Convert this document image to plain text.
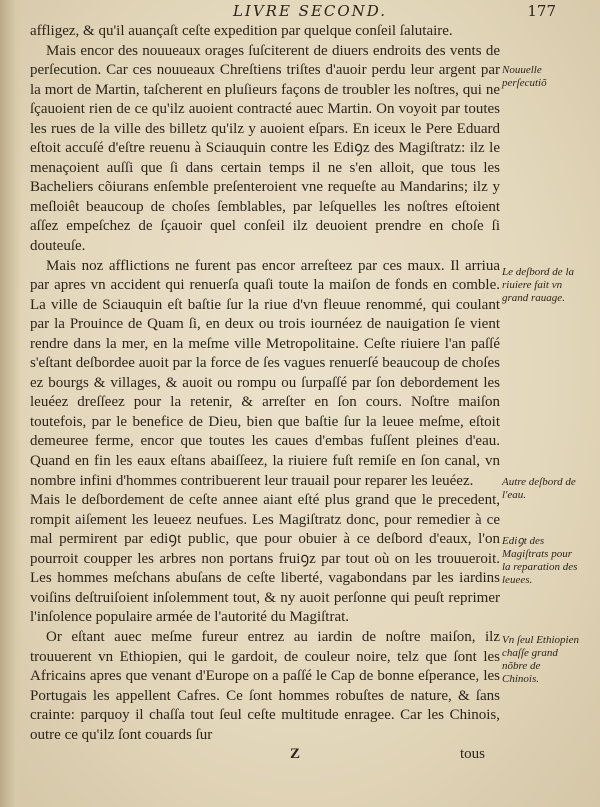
LIVRE SECOND.	177

affligez, & qu'il auançaſt ceſte expedition par quelque conſeil ſalutaire.

Mais encor des nouueaux orages ſuſciterent de diuers endroits des vents de perſecution. Car ces nouueaux Chreſtiens triſtes d'auoir perdu leur argent par la mort de Martin, taſcherent en pluſieurs façons de troubler les noſtres, qui ne ſçauoient rien de ce qu'ilz auoient contracté auec Martin. On voyoit par toutes les rues de la ville des billetz qu'ilz y auoient eſpars. En iceux le Pere Eduard eſtoit accuſé d'eſtre reuenu à Sciauquin contre les Ediꝯz des Magiſtratz: ilz le menaçoient auſſi que ſi dans certain temps il ne s'en alloit, que tous les Bacheliers cõiurans enſemble preſenteroient vne requeſte au Mandarins; ilz y meſloiêt beaucoup de choſes ſemblables, par leſquelles les noſtres eſtoient aſſez empeſchez de ſçauoir quel conſeil ilz deuoient prendre en choſe ſi douteuſe.

Mais noz afflictions ne furent pas encor arreſteez par ces maux. Il arriua par apres vn accident qui renuerſa quaſi toute la maiſon de fonds en comble. La ville de Sciauquin eſt baſtie ſur la riue d'vn fleuue renommé, qui coulant par la Prouince de Quam ſi, en deux ou trois iournéez de nauigation ſe vient rendre dans la mer, en la meſme ville Metropolitaine. Ceſte riuiere l'an paſſé s'eſtant deſbordee auoit par la force de ſes vagues renuerſé beaucoup de choſes ez bourgs & villages, & auoit ou rompu ou ſurpaſſé par ſon debordement les leuéez dreſſeez pour la retenir, & arreſter en ſon cours. Noſtre maiſon toutefois, par le benefice de Dieu, bien que baſtie ſur la leuee meſme, eſtoit demeuree ferme, encor que toutes les caues d'embas fuſſent pleines d'eau. Quand en fin les eaux eſtans abaiſſeez, la riuiere fuſt remiſe en ſon canal, vn nombre infini d'hommes contribuerent leur trauail pour reparer les leuéez.

Mais le deſbordement de ceſte annee aiant eſté plus grand que le precedent, rompit aiſement les leueez neufues. Les Magiſtratz donc, pour remedier à ce mal permirent par ediꝯt public, que pour obuier à ce deſbord d'eaux, l'on pourroit coupper les arbres non portans fruiꝯz par tout où on les trouueroit. Les hommes meſchans abuſans de ceſte liberté, vagabondans par les iardins voiſins deſtruiſoient inſolemment tout, & ny auoit perſonne qui peuſt reprimer l'inſolence populaire armée de l'autorité du Magiſtrat.

Or eſtant auec meſme fureur entrez au iardin de noſtre maiſon, ilz trouuerent vn Ethiopien, qui le gardoit, de couleur noire, telz que ſont les Africains apres que venant d'Europe on a paſſé le Cap de bonne eſperance, les Portugais les appellent Cafres. Ce ſont hommes robuſtes de nature, & ſans crainte: parquoy il chaſſa tout ſeul ceſte multitude enragee. Car les Chinois, outre ce qu'ilz ſont couards ſur

Nouuelle perſecutiõ
Le deſbord de la riuiere fait vn grand rauage.
Autre deſbord de l'eau.
Ediꝯt des Magiſtrats pour la reparation des leuees.
Vn ſeul Ethiopien chaſſe grand nõbre de Chinois.
Z	tous
